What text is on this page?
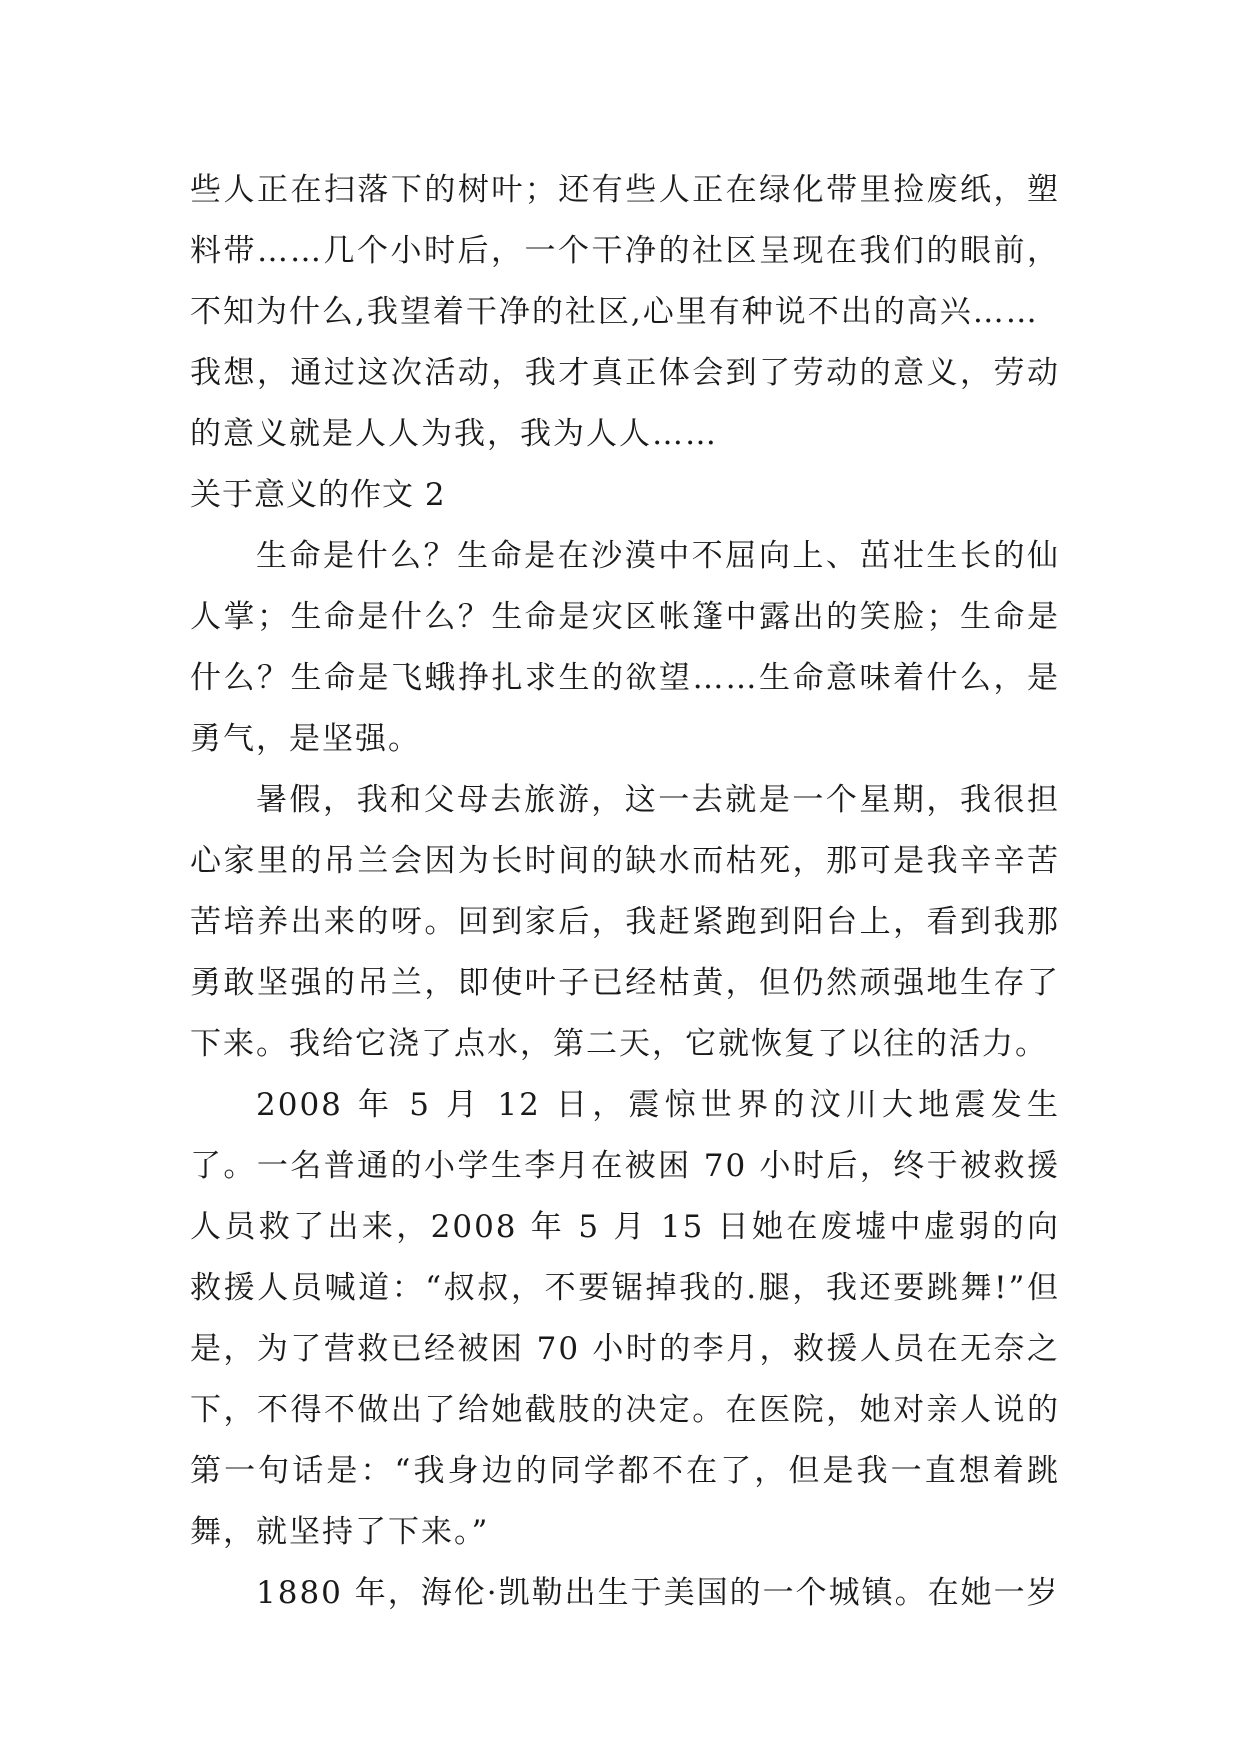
些人正在扫落下的树叶；还有些人正在绿化带里捡废纸，塑料带……几个小时后，一个干净的社区呈现在我们的眼前，不知为什么,我望着干净的社区,心里有种说不出的高兴……

我想，通过这次活动，我才真正体会到了劳动的意义，劳动的意义就是人人为我，我为人人……

关于意义的作文 2

生命是什么？生命是在沙漠中不屈向上、茁壮生长的仙人掌；生命是什么？生命是灾区帐篷中露出的笑脸；生命是什么？生命是飞蛾挣扎求生的欲望……生命意味着什么，是勇气，是坚强。

暑假，我和父母去旅游，这一去就是一个星期，我很担心家里的吊兰会因为长时间的缺水而枯死，那可是我辛辛苦苦培养出来的呀。回到家后，我赶紧跑到阳台上，看到我那勇敢坚强的吊兰，即使叶子已经枯黄，但仍然顽强地生存了下来。我给它浇了点水，第二天，它就恢复了以往的活力。

2008 年 5 月 12 日，震惊世界的汶川大地震发生了。一名普通的小学生李月在被困 70 小时后，终于被救援人员救了出来，2008 年 5 月 15 日她在废墟中虚弱的向救援人员喊道：“叔叔，不要锯掉我的.腿，我还要跳舞!”但是，为了营救已经被困 70 小时的李月，救援人员在无奈之下，不得不做出了给她截肢的决定。在医院，她对亲人说的第一句话是：“我身边的同学都不在了，但是我一直想着跳舞，就坚持了下来。”

1880 年，海伦·凯勒出生于美国的一个城镇。在她一岁
